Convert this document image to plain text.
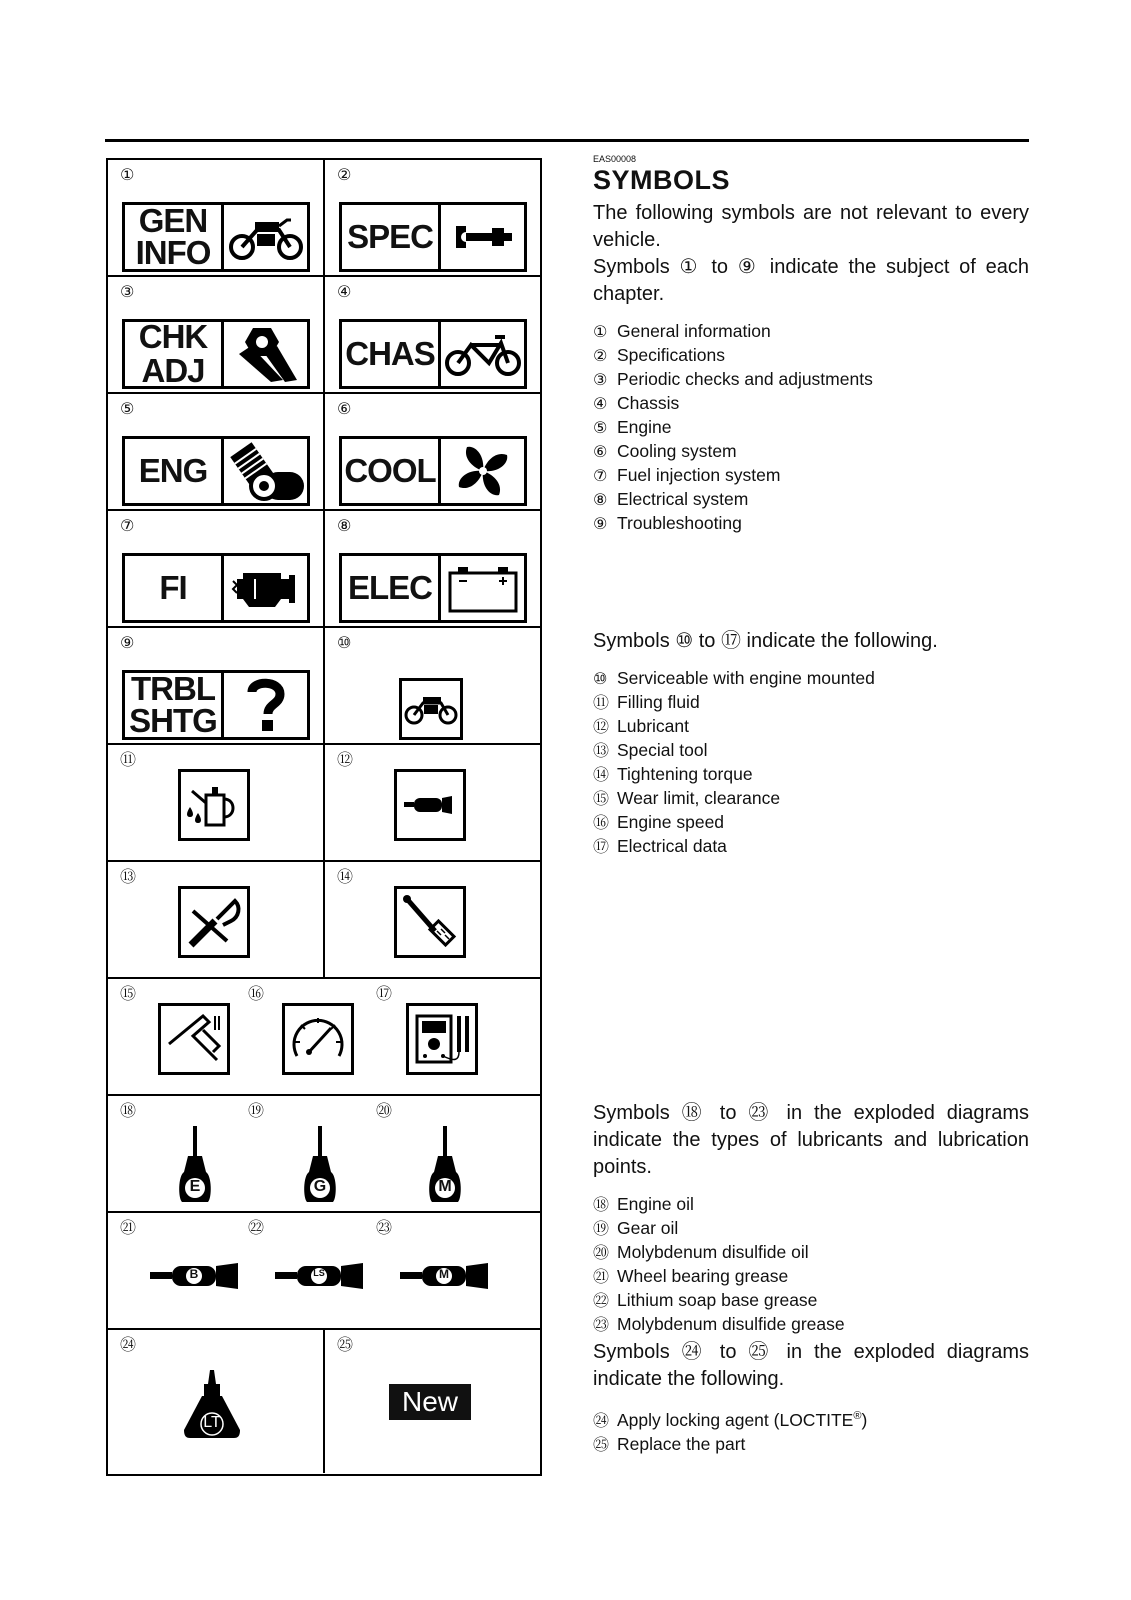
①
GEN
INFO
②
SPEC
③
CHK
ADJ
④
CHAS
⑤
ENG
⑥
COOL
⑦
FI
⑧
ELEC
⑨
TRBL
SHTG
⑩
⑪	⑫
⑬	⑭
⑮	⑯	⑰
⑱
E
⑲
G
⑳
M
㉑
B
㉒
LS
㉓
M
㉔
LT
㉕
New
EAS00008
SYMBOLS
The following symbols are not relevant to every vehicle.
Symbols ① to ⑨ indicate the subject of each chapter.
① General information
② Specifications
③ Periodic checks and adjustments
④ Chassis
⑤ Engine
⑥ Cooling system
⑦ Fuel injection system
⑧ Electrical system
⑨ Troubleshooting
Symbols ⑩ to ⑰ indicate the following.
⑩ Serviceable with engine mounted
⑪ Filling fluid
⑫ Lubricant
⑬ Special tool
⑭ Tightening torque
⑮ Wear limit, clearance
⑯ Engine speed
⑰ Electrical data
Symbols ⑱ to ㉓ in the exploded diagrams indicate the types of lubricants and lubrication points.
⑱ Engine oil
⑲ Gear oil
⑳ Molybdenum disulfide oil
㉑ Wheel bearing grease
㉒ Lithium soap base grease
㉓ Molybdenum disulfide grease
Symbols ㉔ to ㉕ in the exploded diagrams indicate the following.
㉔ Apply locking agent (LOCTITE®)
㉕ Replace the part
